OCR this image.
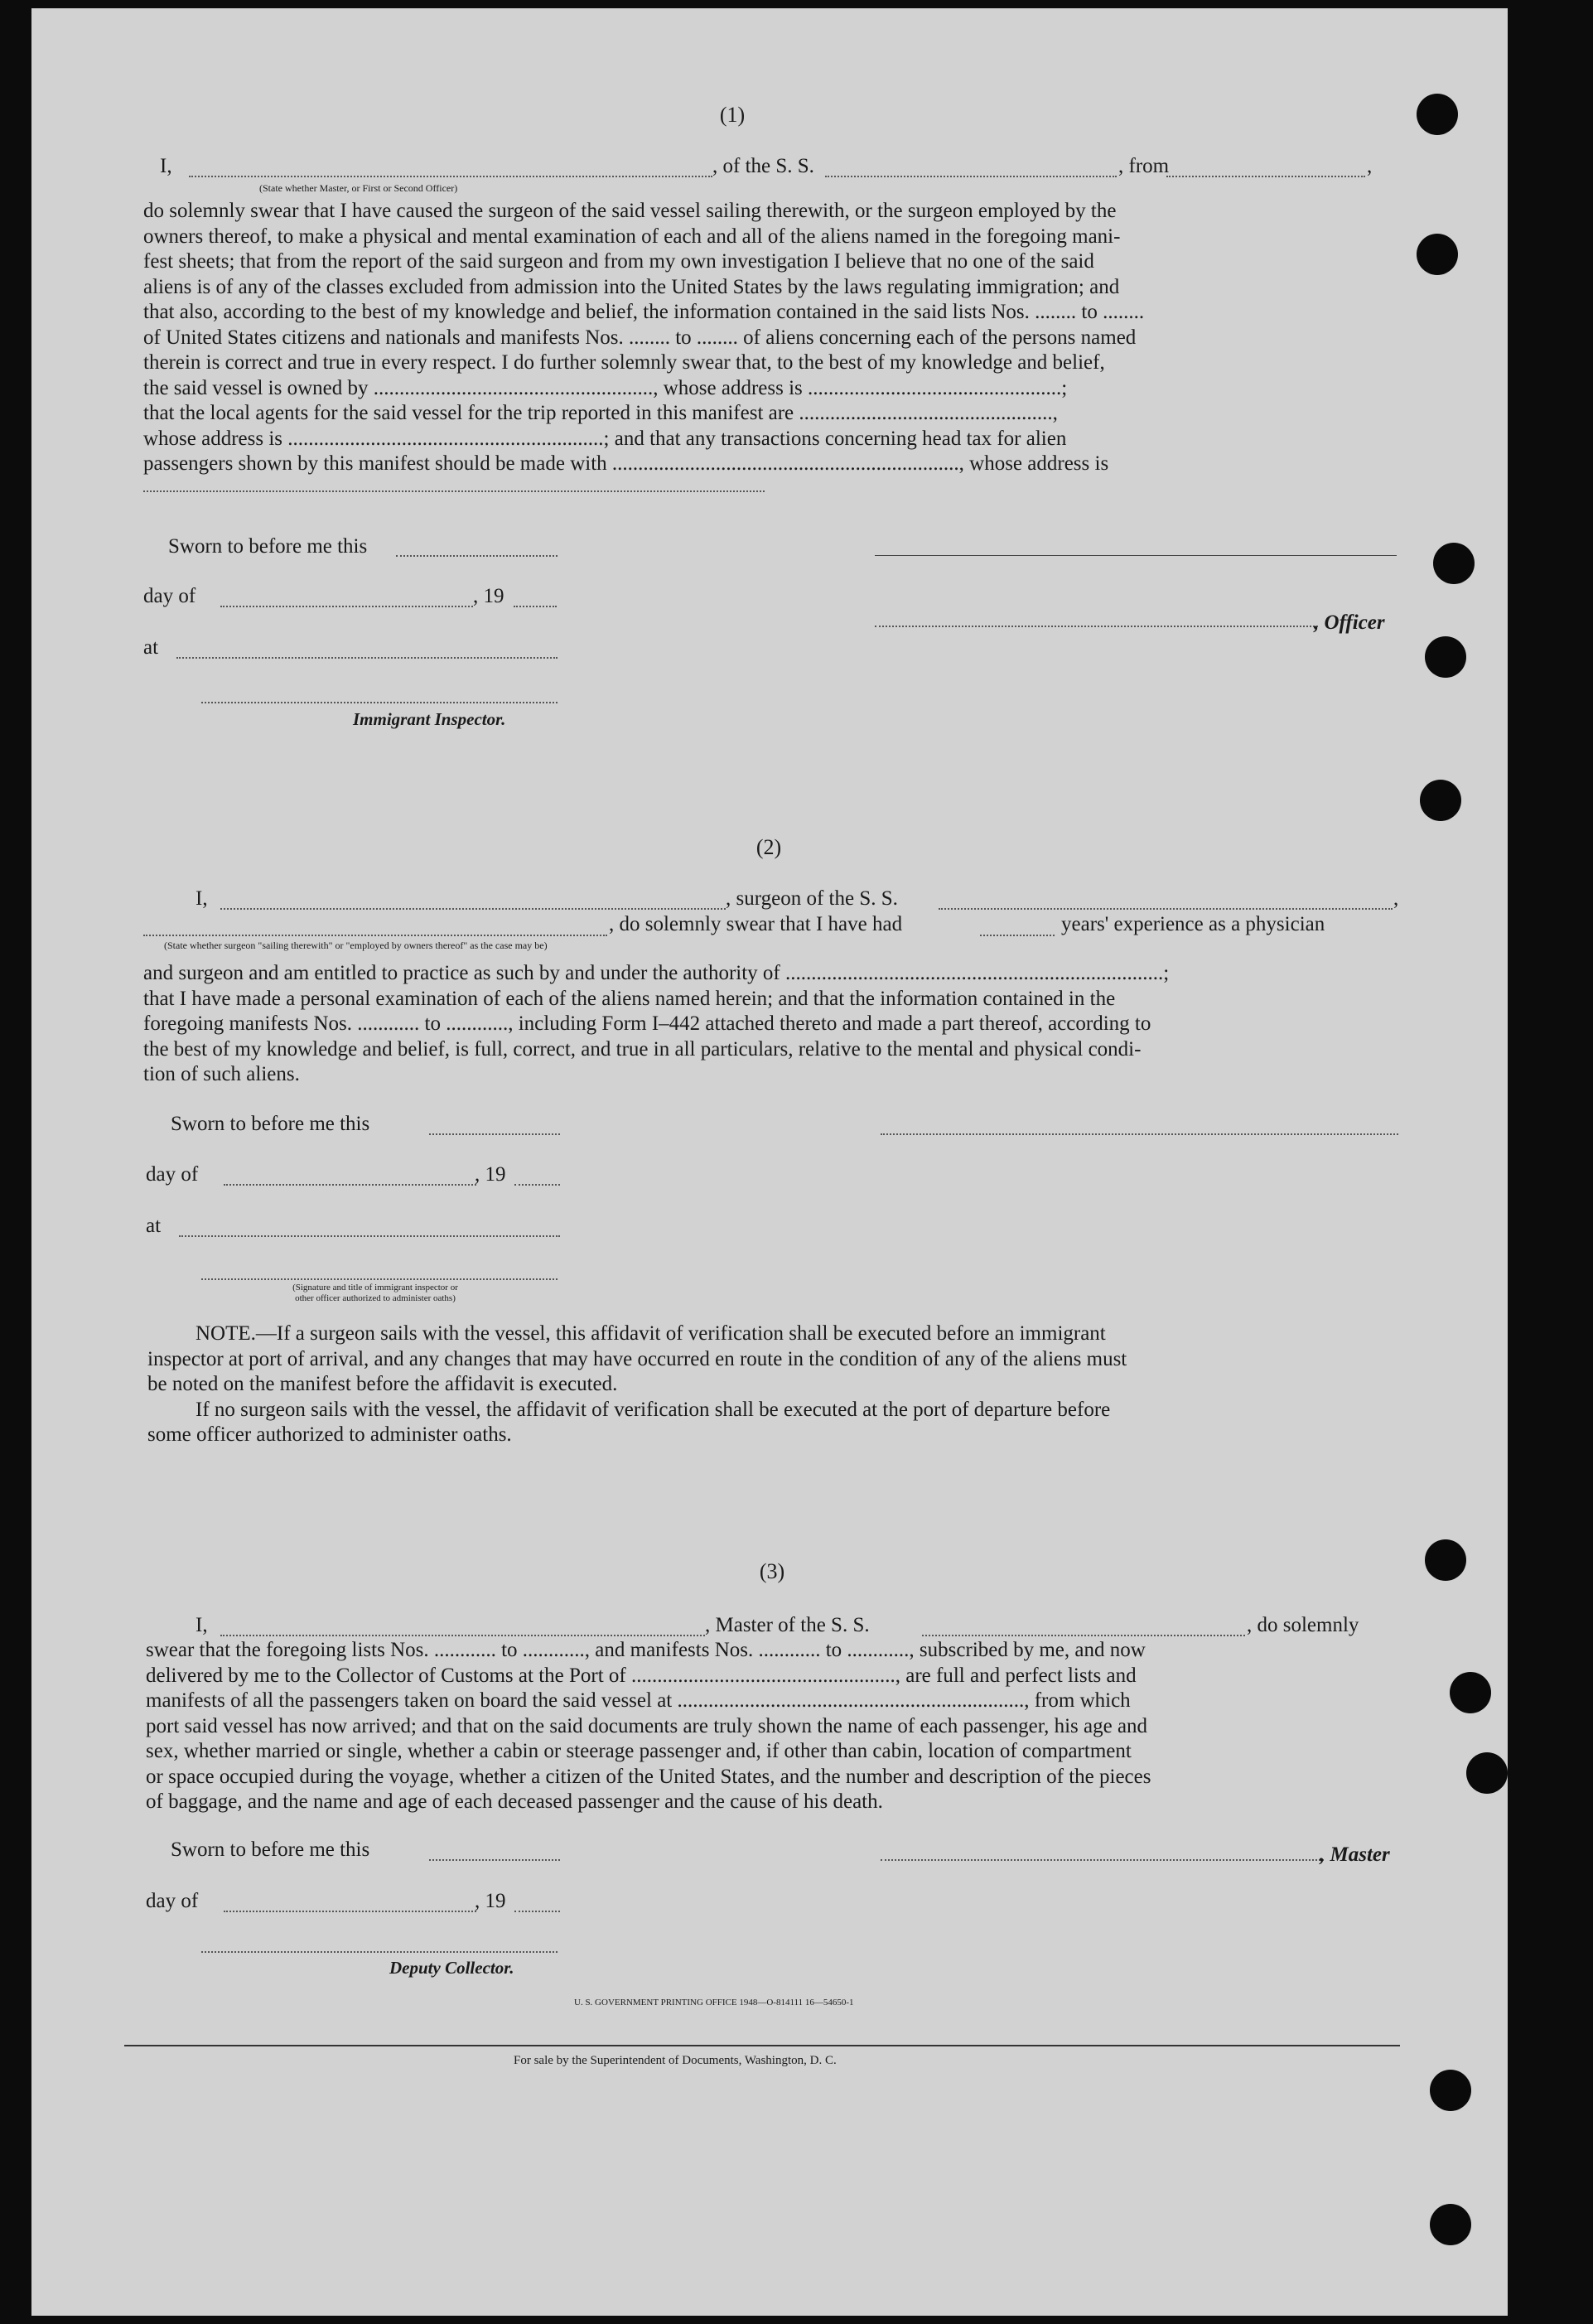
(1)
I,	, of the S. S.	, from	,
(State whether Master, or First or Second Officer)
do solemnly swear that I have caused the surgeon of the said vessel sailing therewith, or the surgeon employed by the
owners thereof, to make a physical and mental examination of each and all of the aliens named in the foregoing mani-
fest sheets; that from the report of the said surgeon and from my own investigation I believe that no one of the said
aliens is of any of the classes excluded from admission into the United States by the laws regulating immigration; and
that also, according to the best of my knowledge and belief, the information contained in the said lists Nos. ........ to ........
of United States citizens and nationals and manifests Nos. ........ to ........ of aliens concerning each of the persons named
therein is correct and true in every respect. I do further solemnly swear that, to the best of my knowledge and belief,
the said vessel is owned by ......................................................, whose address is .................................................;
that the local agents for the said vessel for the trip reported in this manifest are .................................................,
whose address is .............................................................; and that any transactions concerning head tax for alien
passengers shown by this manifest should be made with ..................................................................., whose address is
Sworn to before me this
day of	, 19
, Officer
at
Immigrant Inspector.
(2)
I,	, surgeon of the S. S.	,
, do solemnly swear that I have had	years' experience as a physician
(State whether surgeon "sailing therewith" or "employed by owners thereof" as the case may be)
and surgeon and am entitled to practice as such by and under the authority of .........................................................................;
that I have made a personal examination of each of the aliens named herein; and that the information contained in the
foregoing manifests Nos. ............ to ............, including Form I–442 attached thereto and made a part thereof, according to
the best of my knowledge and belief, is full, correct, and true in all particulars, relative to the mental and physical condi-
tion of such aliens.
Sworn to before me this
day of	, 19
at
(Signature and title of immigrant inspector or
other officer authorized to administer oaths)
NOTE.—If a surgeon sails with the vessel, this affidavit of verification shall be executed before an immigrant
inspector at port of arrival, and any changes that may have occurred en route in the condition of any of the aliens must
be noted on the manifest before the affidavit is executed.
If no surgeon sails with the vessel, the affidavit of verification shall be executed at the port of departure before
some officer authorized to administer oaths.
(3)
I,	, Master of the S. S.	, do solemnly
swear that the foregoing lists Nos. ............ to ............, and manifests Nos. ............ to ............, subscribed by me, and now
delivered by me to the Collector of Customs at the Port of ..................................................., are full and perfect lists and
manifests of all the passengers taken on board the said vessel at ..................................................................., from which
port said vessel has now arrived; and that on the said documents are truly shown the name of each passenger, his age and
sex, whether married or single, whether a cabin or steerage passenger and, if other than cabin, location of compartment
or space occupied during the voyage, whether a citizen of the United States, and the number and description of the pieces
of baggage, and the name and age of each deceased passenger and the cause of his death.
Sworn to before me this	, Master
day of	, 19
Deputy Collector.
U. S. GOVERNMENT PRINTING OFFICE 1948—O-814111 16—54650-1
For sale by the Superintendent of Documents, Washington, D. C.
